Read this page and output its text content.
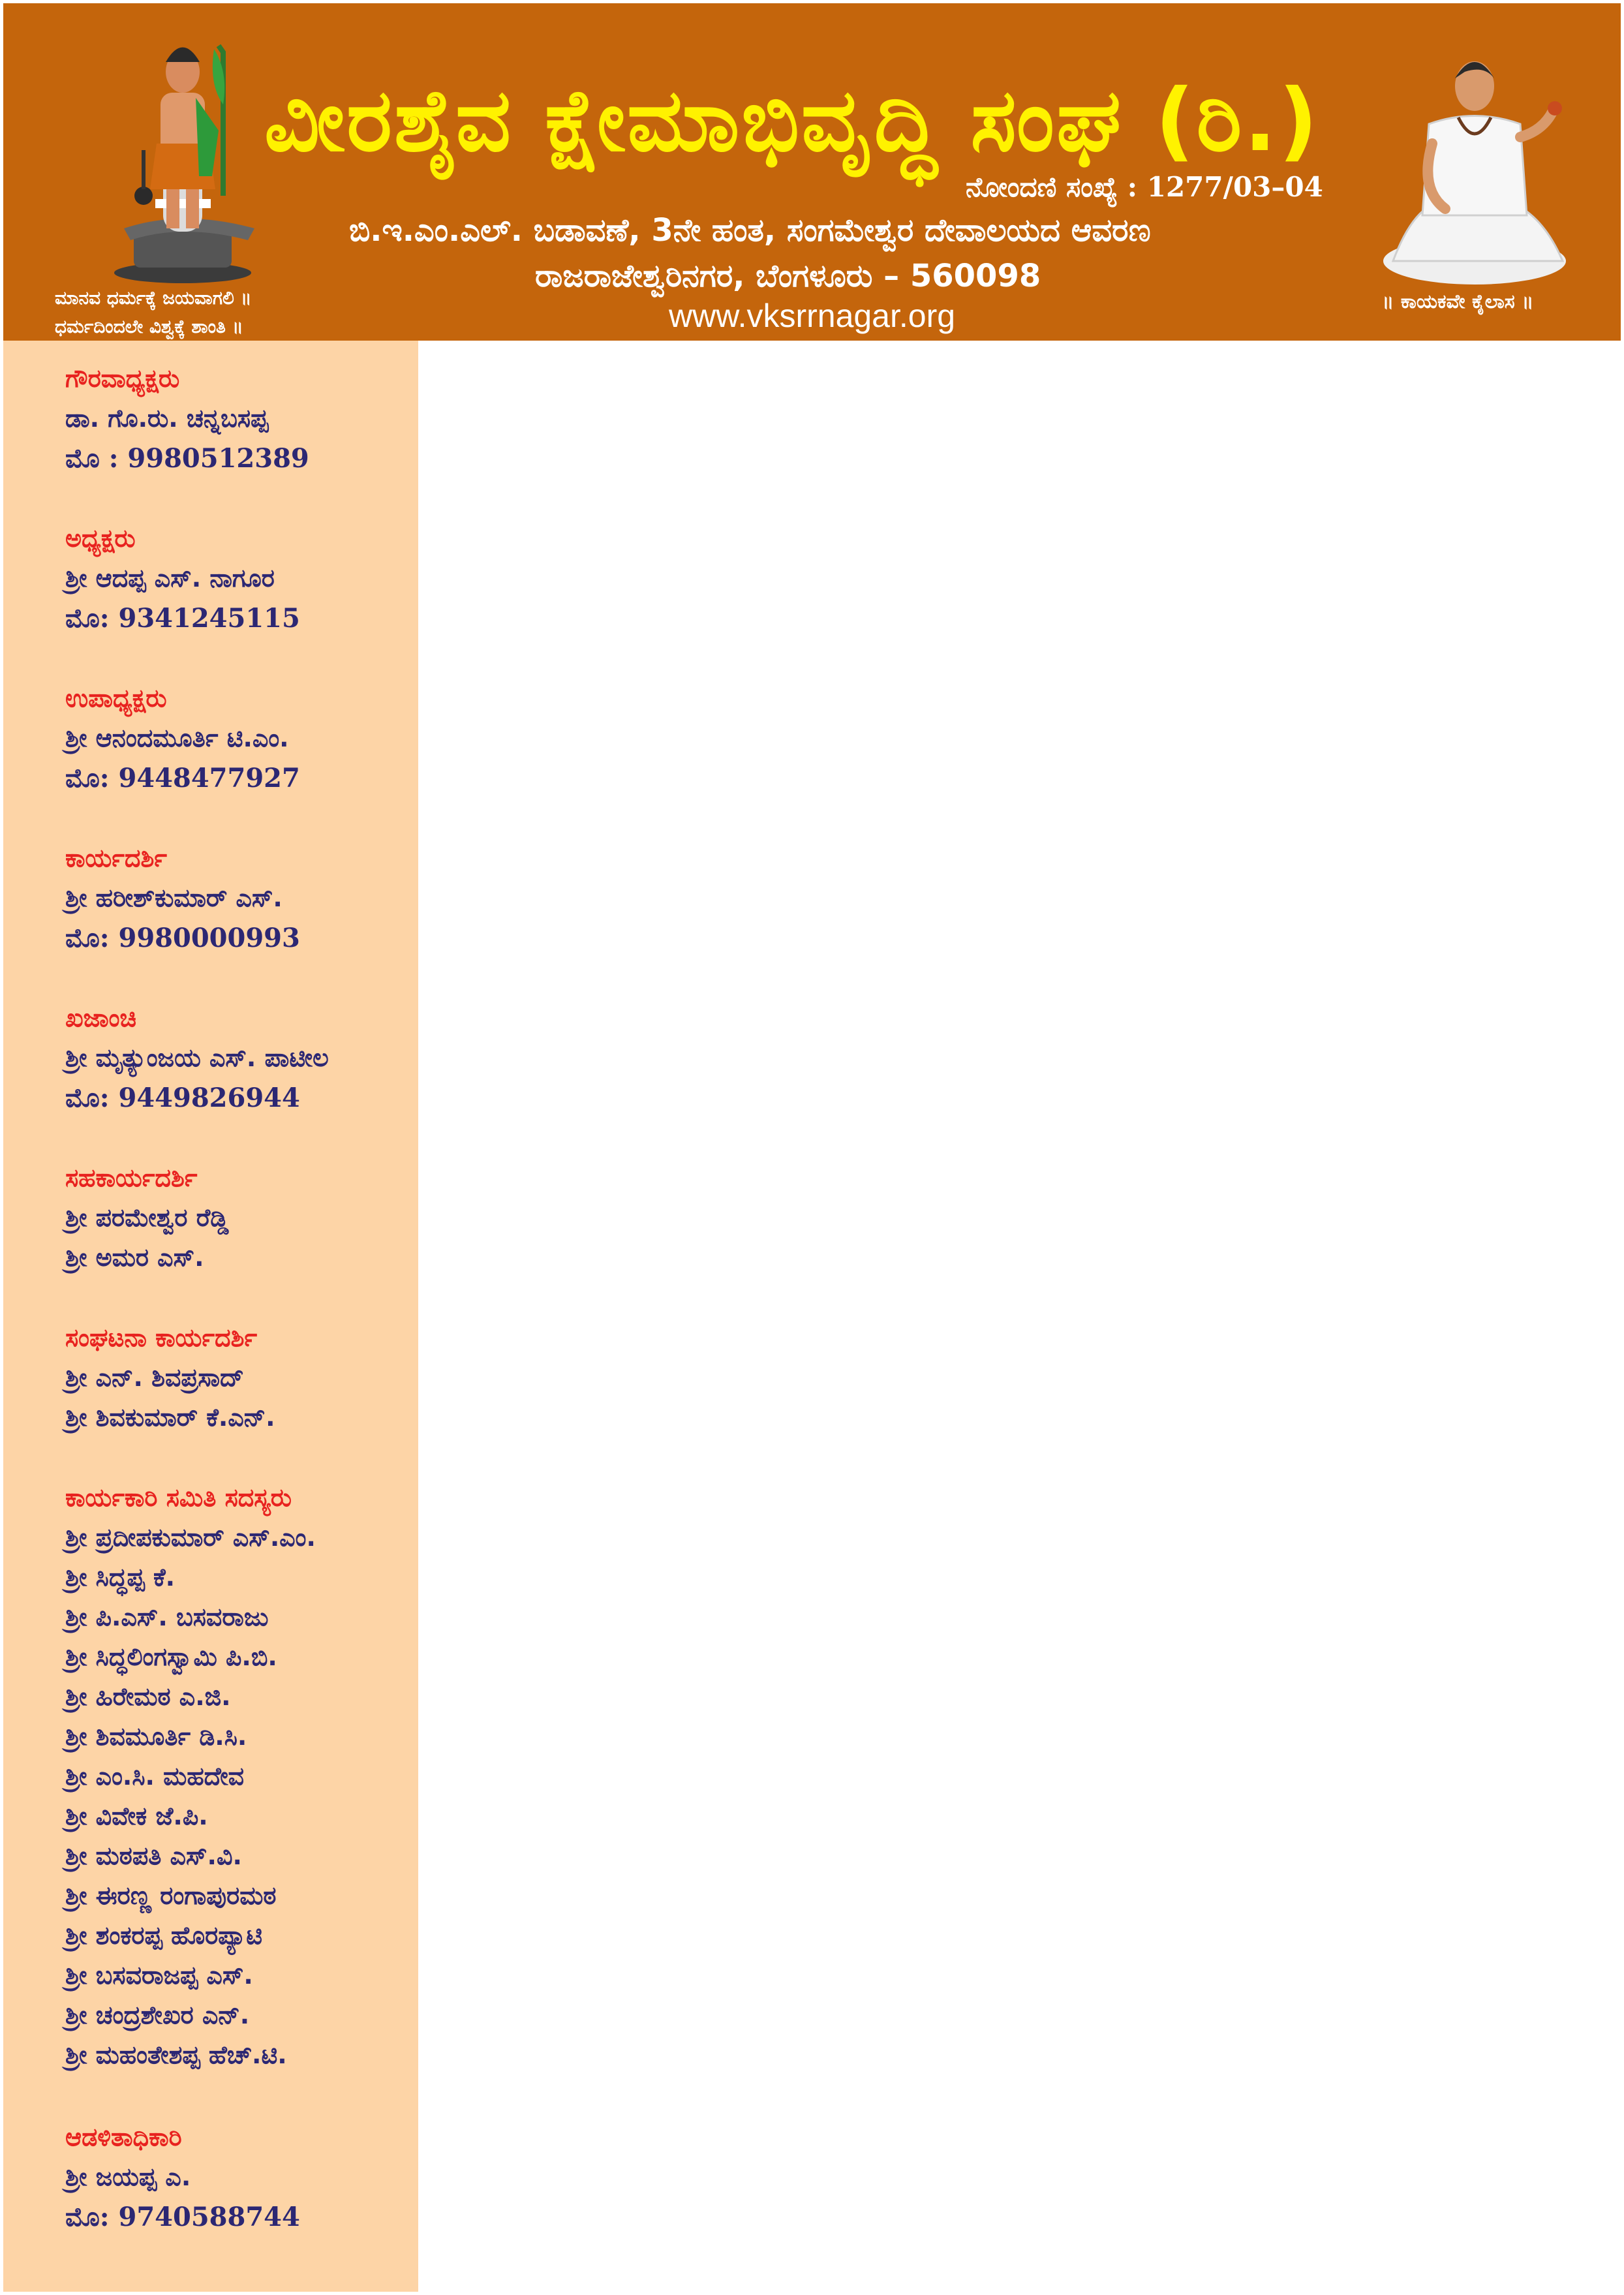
ವೀರಶೈವ ಕ್ಷೇಮಾಭಿವೃದ್ಧಿ ಸಂಘ (ರಿ.)
ನೋಂದಣಿ ಸಂಖ್ಯೆ : 1277/03–04
ಬಿ.ಇ.ಎಂ.ಎಲ್. ಬಡಾವಣೆ, 3ನೇ ಹಂತ, ಸಂಗಮೇಶ್ವರ ದೇವಾಲಯದ ಆವರಣ
ರಾಜರಾಜೇಶ್ವರಿನಗರ, ಬೆಂಗಳೂರು – 560098
www.vksrrnagar.org
ಮಾನವ ಧರ್ಮಕ್ಕೆ ಜಯವಾಗಲಿ ॥
ಧರ್ಮದಿಂದಲೇ ವಿಶ್ವಕ್ಕೆ ಶಾಂತಿ ॥
॥ ಕಾಯಕವೇ ಕೈಲಾಸ ॥
ಗೌರವಾಧ್ಯಕ್ಷರು
ಡಾ. ಗೊ.ರು. ಚನ್ನಬಸಪ್ಪ
ಮೊ : 9980512389
ಅಧ್ಯಕ್ಷರು
ಶ್ರೀ ಆದಪ್ಪ ಎಸ್. ನಾಗೂರ
ಮೊ: 9341245115
ಉಪಾಧ್ಯಕ್ಷರು
ಶ್ರೀ ಆನಂದಮೂರ್ತಿ ಟಿ.ಎಂ.
ಮೊ: 9448477927
ಕಾರ್ಯದರ್ಶಿ
ಶ್ರೀ ಹರೀಶ್‌ಕುಮಾರ್ ಎಸ್.
ಮೊ: 9980000993
ಖಜಾಂಚಿ
ಶ್ರೀ ಮೃತ್ಯುಂಜಯ ಎಸ್. ಪಾಟೀಲ
ಮೊ: 9449826944
ಸಹಕಾರ್ಯದರ್ಶಿ
ಶ್ರೀ ಪರಮೇಶ್ವರ ರೆಡ್ಡಿ
ಶ್ರೀ ಅಮರ ಎಸ್.
ಸಂಘಟನಾ ಕಾರ್ಯದರ್ಶಿ
ಶ್ರೀ ಎನ್. ಶಿವಪ್ರಸಾದ್
ಶ್ರೀ ಶಿವಕುಮಾರ್ ಕೆ.ಎನ್.
ಕಾರ್ಯಕಾರಿ ಸಮಿತಿ ಸದಸ್ಯರು
ಶ್ರೀ ಪ್ರದೀಪಕುಮಾರ್ ಎಸ್.ಎಂ.
ಶ್ರೀ ಸಿದ್ಧಪ್ಪ ಕೆ.
ಶ್ರೀ ಪಿ.ಎಸ್. ಬಸವರಾಜು
ಶ್ರೀ ಸಿದ್ಧಲಿಂಗಸ್ವಾಮಿ ಪಿ.ಬಿ.
ಶ್ರೀ ಹಿರೇಮಠ ಎ.ಜಿ.
ಶ್ರೀ ಶಿವಮೂರ್ತಿ ಡಿ.ಸಿ.
ಶ್ರೀ ಎಂ.ಸಿ. ಮಹದೇವ
ಶ್ರೀ ವಿವೇಕ ಜೆ.ಪಿ.
ಶ್ರೀ ಮಠಪತಿ ಎಸ್.ವಿ.
ಶ್ರೀ ಈರಣ್ಣ ರಂಗಾಪುರಮಠ
ಶ್ರೀ ಶಂಕರಪ್ಪ ಹೊರಪ್ಯಾಟಿ
ಶ್ರೀ ಬಸವರಾಜಪ್ಪ ಎಸ್.
ಶ್ರೀ ಚಂದ್ರಶೇಖರ ಎನ್.
ಶ್ರೀ ಮಹಂತೇಶಪ್ಪ ಹೆಚ್.ಟಿ.
ಆಡಳಿತಾಧಿಕಾರಿ
ಶ್ರೀ ಜಯಪ್ಪ ಎ.
ಮೊ: 9740588744
